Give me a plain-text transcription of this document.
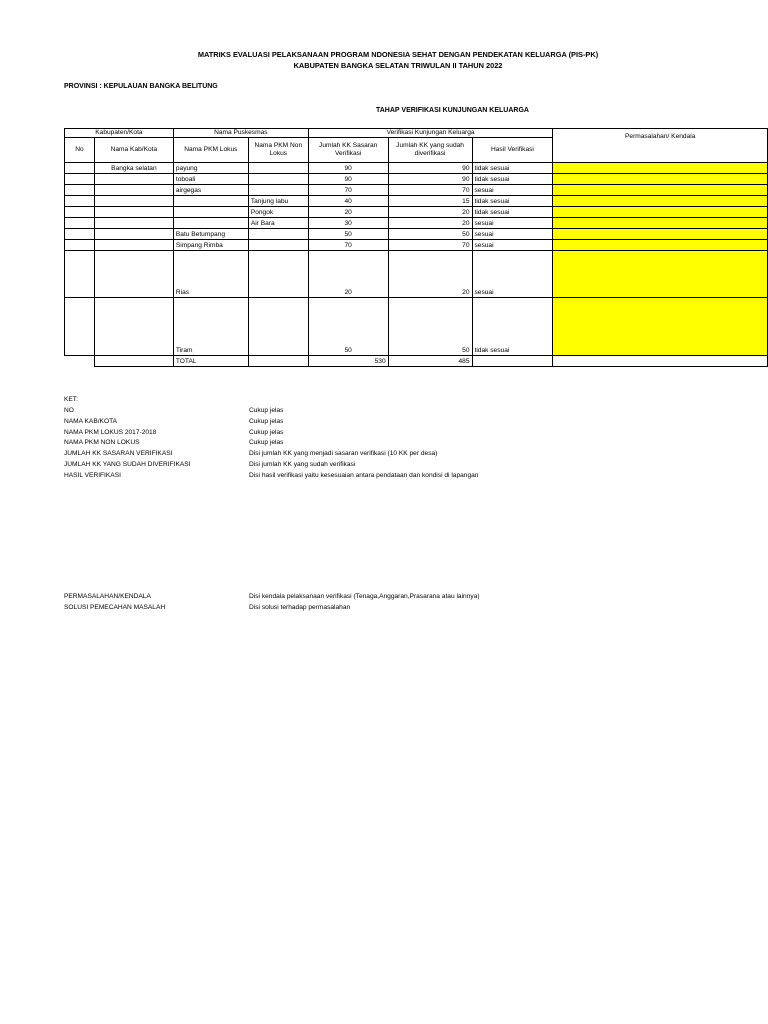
MATRIKS EVALUASI PELAKSANAAN PROGRAM NDONESIA SEHAT DENGAN PENDEKATAN KELUARGA (PIS-PK)
KABUPATEN BANGKA SELATAN TRIWULAN II TAHUN 2022
PROVINSI : KEPULAUAN BANGKA BELITUNG
TAHAP VERIFIKASI KUNJUNGAN KELUARGA
Kabupaten/Kota		Nama Puskesmas		Verifikasi Kunjungan Keluarga			Permasalahan/ Kendala
No	Nama Kab/Kota	Nama PKM Lokus	Nama PKM Non Lokus	Jumlah KK Sasaran Verifikasi	Jumlah KK yang sudah diverifikasi	Hasil Verifikasi	
	Bangka selatan	payung		90	90	tidak sesuai	
		toboali		90	90	tidak sesuai	
		airgegas		70	70	sesuai	
			Tanjung labu	40	15	tidak sesuai	
			Pongok	20	20	tidak sesuai	
			Air Bara	30	20	sesuai	
		Batu Betumpang		50	50	sesuai	
		Simpang Rimba		70	70	sesuai	
		Rias		20	20	sesuai	
		Tiram		50	50	tidak sesuai	
		TOTAL		530	485		
KET:
NO	Cukup jelas
NAMA KAB/KOTA	Cukup jelas
NAMA PKM LOKUS 2017-2018	Cukup jelas
NAMA PKM NON LOKUS	Cukup jelas
JUMLAH KK SASARAN VERIFIKASI	Disi jumlah KK yang menjadi sasaran verifikasi (10 KK per desa)
JUMLAH KK YANG SUDAH DIVERIFIKASI	Disi jumlah KK yang sudah verifikasi
HASIL VERIFIKASI	Disi hasil verifikasi yaitu kesesuaian antara pendataan dan kondisi di lapangan
PERMASALAHAN/KENDALA	Disi kendala pelaksanaan verifikasi (Tenaga,Anggaran,Prasarana atau lainnya)
SOLUSI PEMECAHAN MASALAH	Disi solusi terhadap permasalahan
